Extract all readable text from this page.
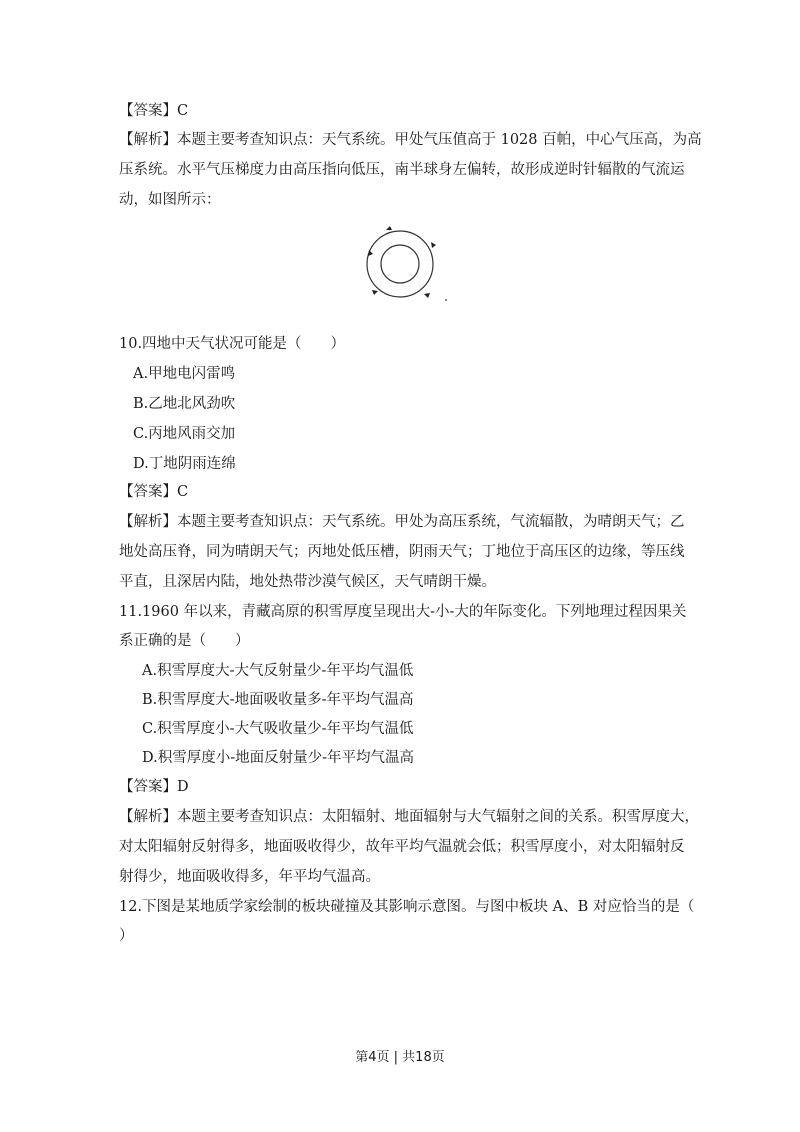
【答案】C
【解析】本题主要考查知识点：天气系统。甲处气压值高于 1028 百帕，中心气压高，为高
压系统。水平气压梯度力由高压指向低压，南半球身左偏转，故形成逆时针辐散的气流运
动，如图所示：
10.四地中天气状况可能是（　　）
A.甲地电闪雷鸣
B.乙地北风劲吹
C.丙地风雨交加
D.丁地阴雨连绵
【答案】C
【解析】本题主要考查知识点：天气系统。甲处为高压系统，气流辐散，为晴朗天气；乙
地处高压脊，同为晴朗天气；丙地处低压槽，阴雨天气；丁地位于高压区的边缘，等压线
平直，且深居内陆，地处热带沙漠气候区，天气晴朗干燥。
11.1960 年以来，青藏高原的积雪厚度呈现出大-小-大的年际变化。下列地理过程因果关
系正确的是（　　）
A.积雪厚度大-大气反射量少-年平均气温低
B.积雪厚度大-地面吸收量多-年平均气温高
C.积雪厚度小-大气吸收量少-年平均气温低
D.积雪厚度小-地面反射量少-年平均气温高
【答案】D
【解析】本题主要考查知识点：太阳辐射、地面辐射与大气辐射之间的关系。积雪厚度大，
对太阳辐射反射得多，地面吸收得少，故年平均气温就会低；积雪厚度小，对太阳辐射反
射得少，地面吸收得多，年平均气温高。
12.下图是某地质学家绘制的板块碰撞及其影响示意图。与图中板块 A、B 对应恰当的是（
）
第4页 | 共18页
